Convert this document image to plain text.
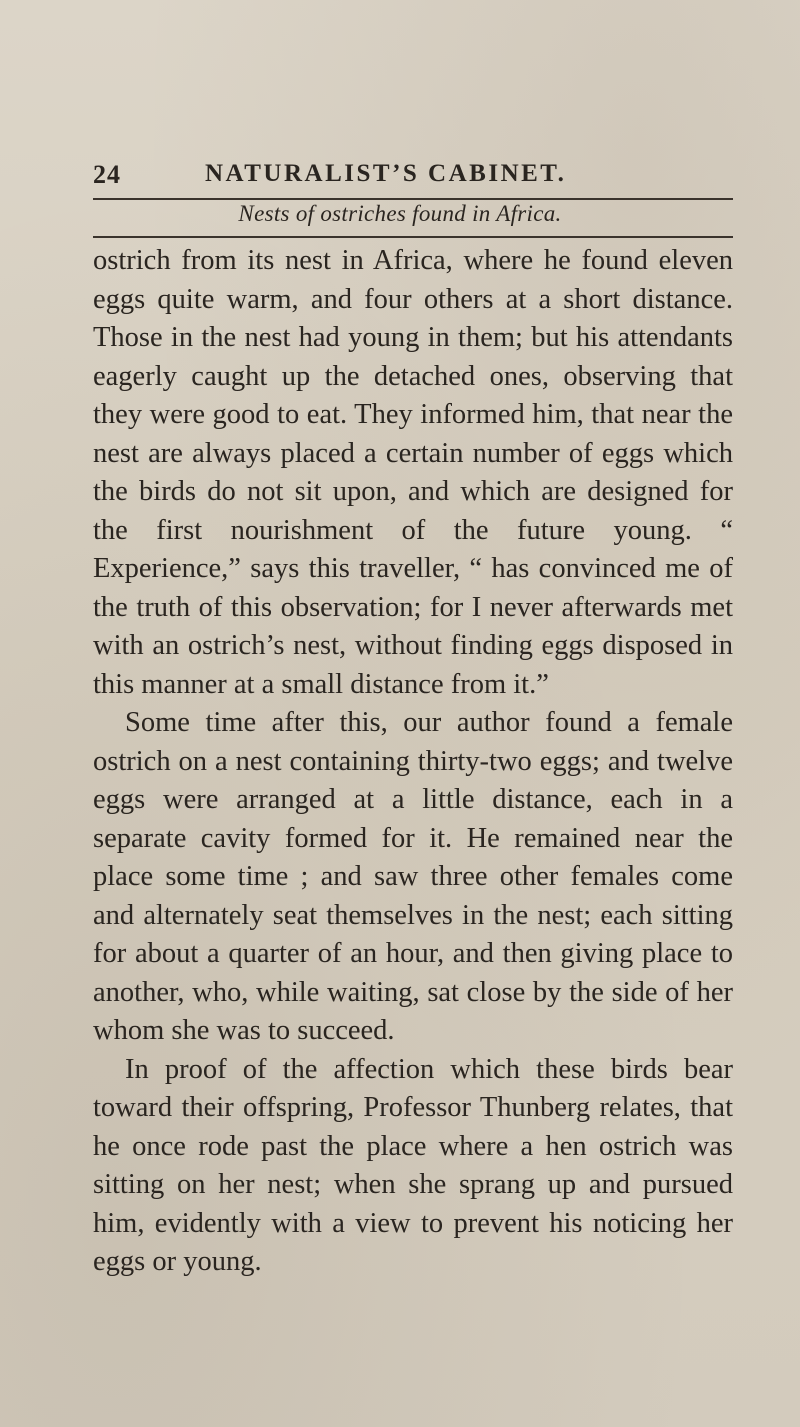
24	NATURALIST’S CABINET.
Nests of ostriches found in Africa.

ostrich from its nest in Africa, where he found eleven eggs quite warm, and four others at a short distance. Those in the nest had young in them; but his attendants eagerly caught up the detached ones, observing that they were good to eat. They informed him, that near the nest are always placed a certain number of eggs which the birds do not sit upon, and which are designed for the first nourishment of the future young. “ Experience,” says this traveller, “ has convinced me of the truth of this observation; for I never afterwards met with an ostrich’s nest, without finding eggs disposed in this manner at a small distance from it.”

Some time after this, our author found a female ostrich on a nest containing thirty-two eggs; and twelve eggs were arranged at a little distance, each in a separate cavity formed for it. He remained near the place some time ; and saw three other females come and alternately seat themselves in the nest; each sitting for about a quarter of an hour, and then giving place to another, who, while waiting, sat close by the side of her whom she was to succeed.

In proof of the affection which these birds bear toward their offspring, Professor Thunberg relates, that he once rode past the place where a hen ostrich was sitting on her nest; when she sprang up and pursued him, evidently with a view to prevent his noticing her eggs or young.
